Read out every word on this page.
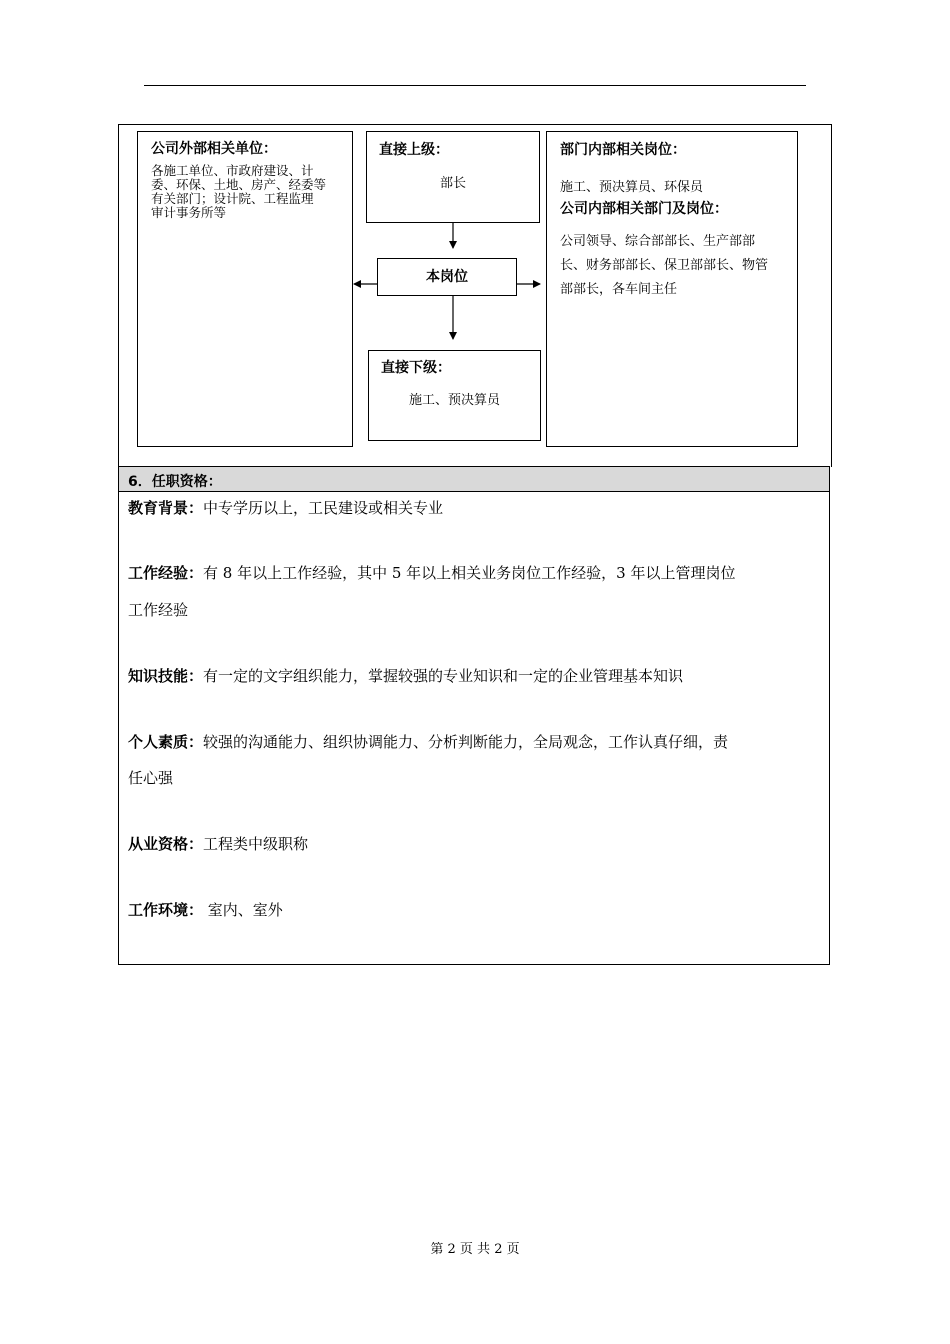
公司外部相关单位：
各施工单位、市政府建设、计
委、环保、土地、房产、经委等
有关部门；设计院、工程监理
审计事务所等
直接上级：
部长
本岗位
直接下级：
施工、预决算员
部门内部相关岗位：
施工、预决算员、环保员
公司内部相关部门及岗位：
公司领导、综合部部长、生产部部
长、财务部部长、保卫部部长、物管
部部长，各车间主任
6．任职资格：
教育背景：中专学历以上，工民建设或相关专业
工作经验：有 8 年以上工作经验，其中 5 年以上相关业务岗位工作经验，3 年以上管理岗位
工作经验
知识技能：有一定的文字组织能力，掌握较强的专业知识和一定的企业管理基本知识
个人素质：较强的沟通能力、组织协调能力、分析判断能力，全局观念，工作认真仔细，责
任心强
从业资格：工程类中级职称
工作环境： 室内、室外
第 2 页 共 2 页
